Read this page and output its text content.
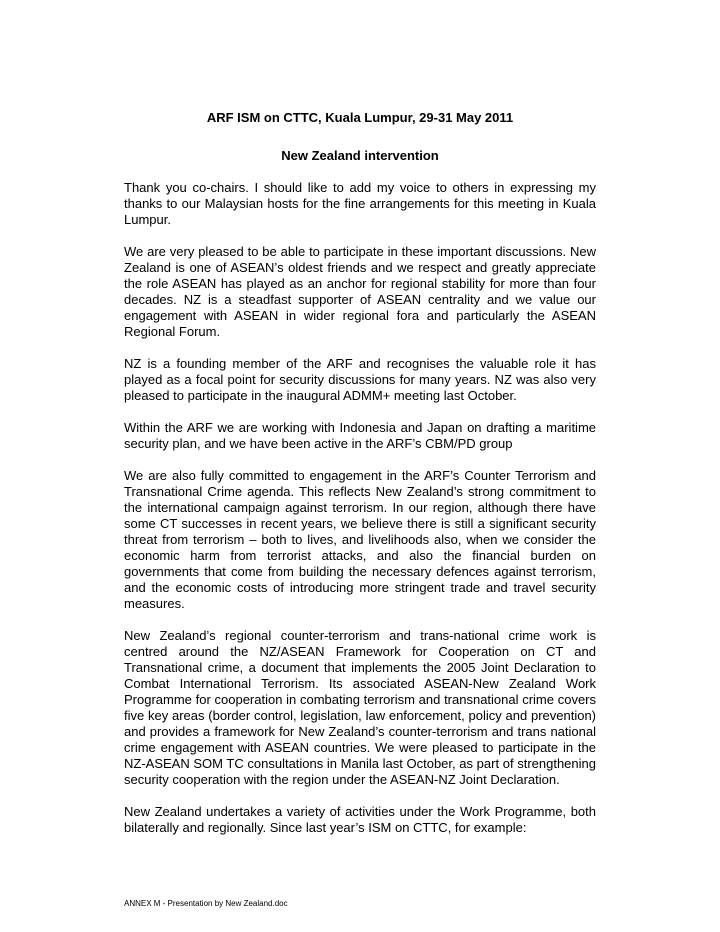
ARF ISM on CTTC, Kuala Lumpur, 29-31 May 2011
New Zealand intervention
Thank you co-chairs. I should like to add my voice to others in expressing my thanks to our Malaysian hosts for the fine arrangements for this meeting in Kuala Lumpur.
We are very pleased to be able to participate in these important discussions. New Zealand is one of ASEAN’s oldest friends and we respect and greatly appreciate the role ASEAN has played as an anchor for regional stability for more than four decades. NZ is a steadfast supporter of ASEAN centrality and we value our engagement with ASEAN in wider regional fora and particularly the ASEAN Regional Forum.
NZ is a founding member of the ARF and recognises the valuable role it has played as a focal point for security discussions for many years. NZ was also very pleased to participate in the inaugural ADMM+ meeting last October.
Within the ARF we are working with Indonesia and Japan on drafting a maritime security plan, and we have been active in the ARF’s CBM/PD group
We are also fully committed to engagement in the ARF’s Counter Terrorism and Transnational Crime agenda. This reflects New Zealand’s strong commitment to the international campaign against terrorism. In our region, although there have some CT successes in recent years, we believe there is still a significant security threat from terrorism – both to lives, and livelihoods also, when we consider the economic harm from terrorist attacks, and also the financial burden on governments that come from building the necessary defences against terrorism, and the economic costs of introducing more stringent trade and travel security measures.
New Zealand’s regional counter-terrorism and trans-national crime work is centred around the NZ/ASEAN Framework for Cooperation on CT and Transnational crime, a document that implements the 2005 Joint Declaration to Combat International Terrorism. Its associated ASEAN-New Zealand Work Programme for cooperation in combating terrorism and transnational crime covers five key areas (border control, legislation, law enforcement, policy and prevention) and provides a framework for New Zealand’s counter-terrorism and trans national crime engagement with ASEAN countries. We were pleased to participate in the NZ-ASEAN SOM TC consultations in Manila last October, as part of strengthening security cooperation with the region under the ASEAN-NZ Joint Declaration.
New Zealand undertakes a variety of activities under the Work Programme, both bilaterally and regionally. Since last year’s ISM on CTTC, for example:
ANNEX M - Presentation by New Zealand.doc
